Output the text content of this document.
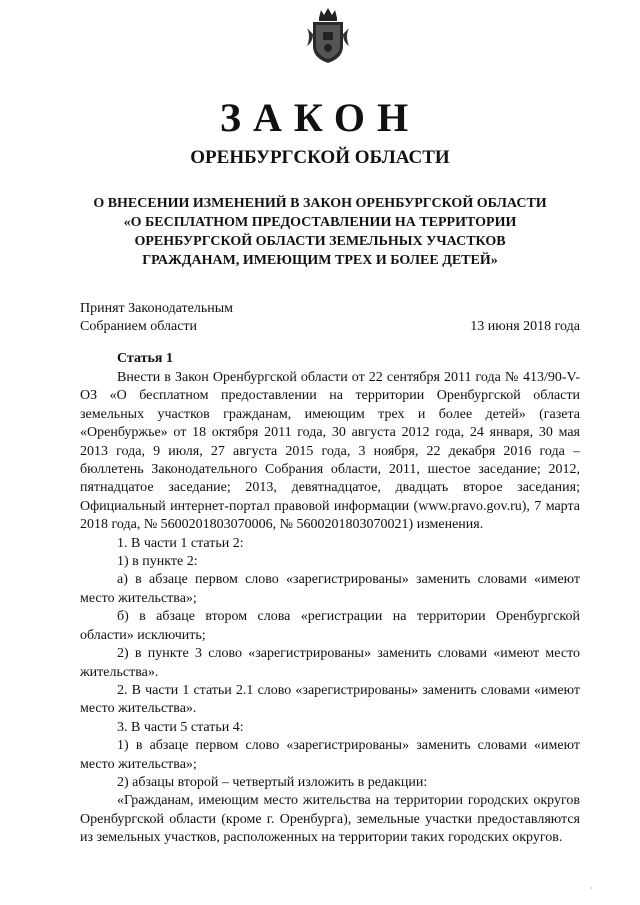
ЗАКОН
ОРЕНБУРГСКОЙ ОБЛАСТИ
О ВНЕСЕНИИ ИЗМЕНЕНИЙ В ЗАКОН ОРЕНБУРГСКОЙ ОБЛАСТИ
«О БЕСПЛАТНОМ ПРЕДОСТАВЛЕНИИ НА ТЕРРИТОРИИ
ОРЕНБУРГСКОЙ ОБЛАСТИ ЗЕМЕЛЬНЫХ УЧАСТКОВ
ГРАЖДАНАМ, ИМЕЮЩИМ ТРЕХ И БОЛЕЕ ДЕТЕЙ»
Принят Законодательным
Собранием области	13 июня 2018 года
Статья 1

Внести в Закон Оренбургской области от 22 сентября 2011 года № 413/90-V-ОЗ «О бесплатном предоставлении на территории Оренбургской области земельных участков гражданам, имеющим трех и более детей» (газета «Оренбуржье» от 18 октября 2011 года, 30 августа 2012 года, 24 января, 30 мая 2013 года, 9 июля, 27 августа 2015 года, 3 ноября, 22 декабря 2016 года – бюллетень Законодательного Собрания области, 2011, шестое заседание; 2012, пятнадцатое заседание; 2013, девятнадцатое, двадцать второе заседания; Официальный интернет-портал правовой информации (www.pravo.gov.ru), 7 марта 2018 года, № 5600201803070006, № 5600201803070021) изменения.

1. В части 1 статьи 2:

1) в пункте 2:

а) в абзаце первом слово «зарегистрированы» заменить словами «имеют место жительства»;

б) в абзаце втором слова «регистрации на территории Оренбургской области» исключить;

2) в пункте 3 слово «зарегистрированы» заменить словами «имеют место жительства».

2. В части 1 статьи 2.1 слово «зарегистрированы» заменить словами «имеют место жительства».

3. В части 5 статьи 4:

1) в абзаце первом слово «зарегистрированы» заменить словами «имеют место жительства»;

2) абзацы второй – четвертый изложить в редакции:

«Гражданам, имеющим место жительства на территории городских округов Оренбургской области (кроме г. Оренбурга), земельные участки предоставляются из земельных участков, расположенных на территории таких городских округов.

·
